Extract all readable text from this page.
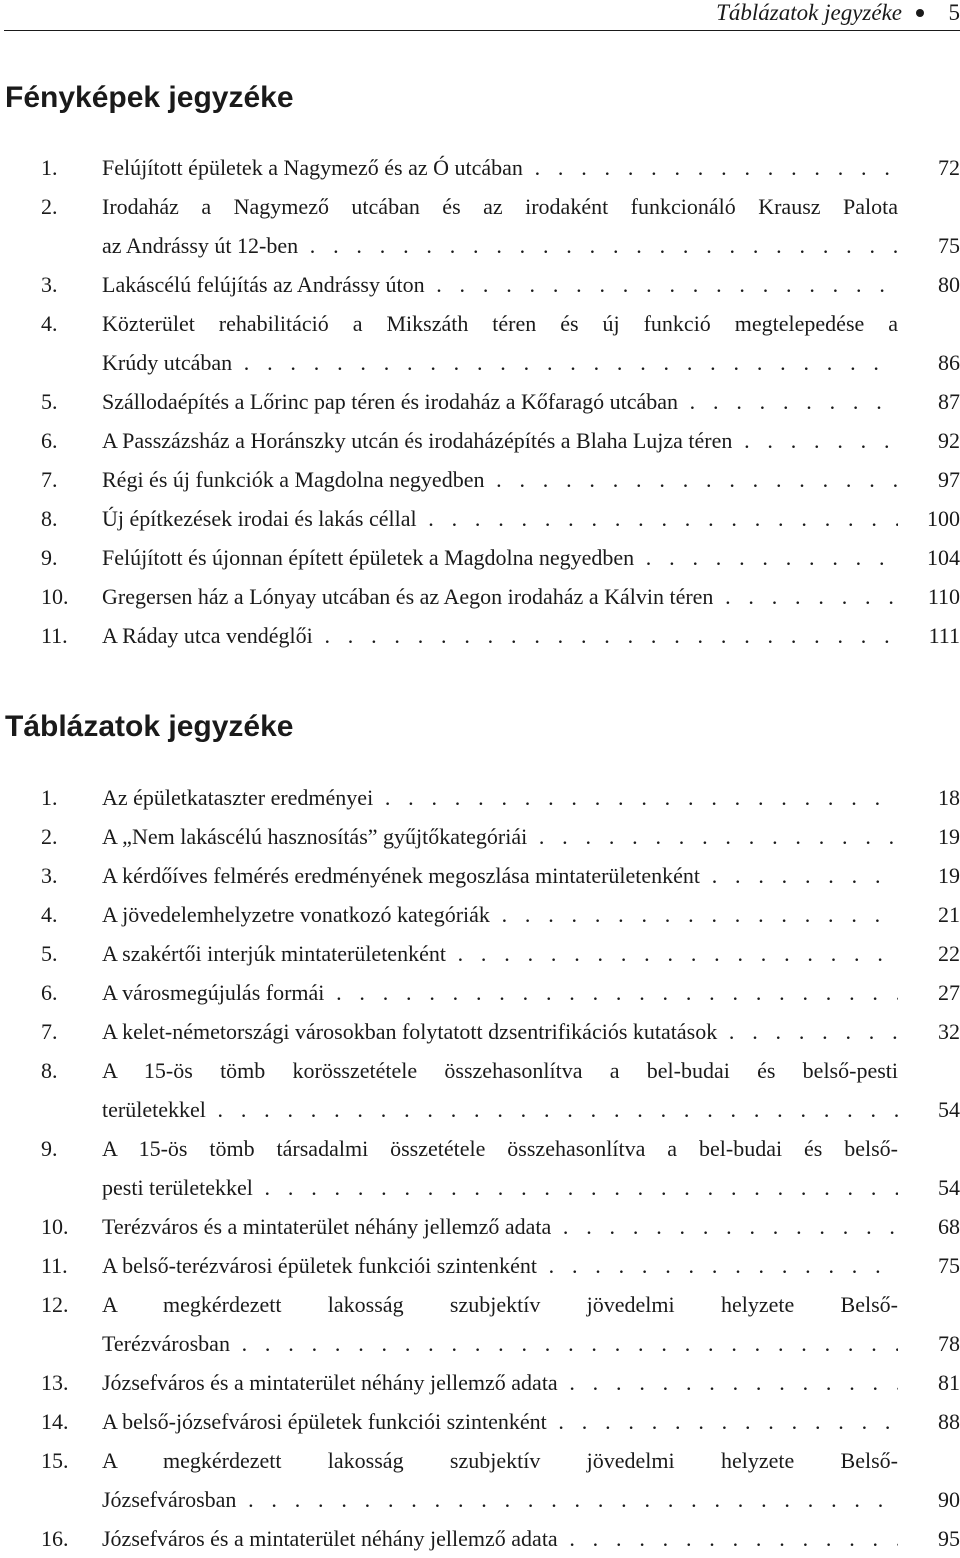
Táblázatok jegyzéke 5
Fényképek jegyzéke
1. Felújított épületek a Nagymező és az Ó utcában . . .	72
2. Irodaház a Nagymező utcában és az irodaként funkcionáló Krausz Palota
az Andrássy út 12-ben . . .	75
3. Lakáscélú felújítás az Andrássy úton . . .	80
4. Közterület rehabilitáció a Mikszáth téren és új funkció megtelepedése a
Krúdy utcában . . .	86
5. Szállodaépítés a Lőrinc pap téren és irodaház a Kőfaragó utcában . . .	87
6. A Passzázsház a Horánszky utcán és irodaházépítés a Blaha Lujza téren . . .	92
7. Régi és új funkciók a Magdolna negyedben . . .	97
8. Új építkezések irodai és lakás céllal . . .	100
9. Felújított és újonnan épített épületek a Magdolna negyedben . . .	104
10. Gregersen ház a Lónyay utcában és az Aegon irodaház a Kálvin téren . . .	110
11. A Ráday utca vendéglői . . .	111
Táblázatok jegyzéke
1. Az épületkataszter eredményei . . .	18
2. A „Nem lakáscélú hasznosítás” gyűjtőkategóriái . . .	19
3. A kérdőíves felmérés eredményének megoszlása mintaterületenként . . .	19
4. A jövedelemhelyzetre vonatkozó kategóriák . . .	21
5. A szakértői interjúk mintaterületenként . . .	22
6. A városmegújulás formái . . .	27
7. A kelet-németországi városokban folytatott dzsentrifikációs kutatások . . .	32
8. A 15-ös tömb korösszetétele összehasonlítva a bel-budai és belső-pesti
területekkel . . .	54
9. A 15-ös tömb társadalmi összetétele összehasonlítva a bel-budai és belső-
pesti területekkel . . .	54
10. Terézváros és a mintaterület néhány jellemző adata . . .	68
11. A belső-terézvárosi épületek funkciói szintenként . . .	75
12. A megkérdezett lakosság szubjektív jövedelmi helyzete Belső-
Terézvárosban . . .	78
13. Józsefváros és a mintaterület néhány jellemző adata . . .	81
14. A belső-józsefvárosi épületek funkciói szintenként . . .	88
15. A megkérdezett lakosság szubjektív jövedelmi helyzete Belső-
Józsefvárosban . . .	90
16. Józsefváros és a mintaterület néhány jellemző adata . . .	95
